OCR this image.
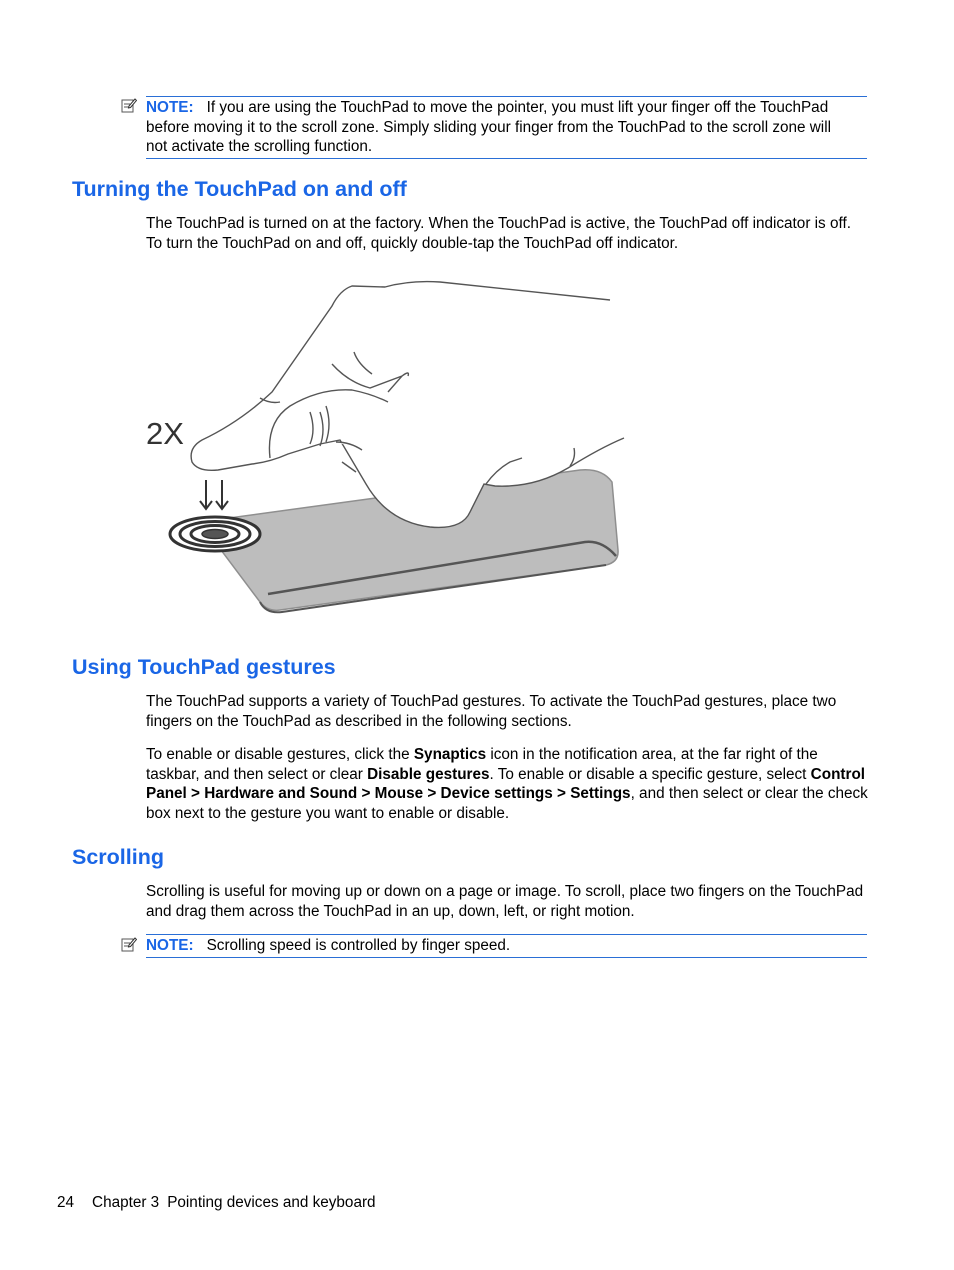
NOTE: If you are using the TouchPad to move the pointer, you must lift your finger off the TouchPad
before moving it to the scroll zone. Simply sliding your finger from the TouchPad to the scroll zone will
not activate the scrolling function.
Turning the TouchPad on and off

The TouchPad is turned on at the factory. When the TouchPad is active, the TouchPad off indicator is off. To turn the TouchPad on and off, quickly double-tap the TouchPad off indicator.

2X
Using TouchPad gestures

The TouchPad supports a variety of TouchPad gestures. To activate the TouchPad gestures, place two fingers on the TouchPad as described in the following sections.

To enable or disable gestures, click the Synaptics icon in the notification area, at the far right of the taskbar, and then select or clear Disable gestures. To enable or disable a specific gesture, select Control Panel > Hardware and Sound > Mouse > Device settings > Settings, and then select or clear the check box next to the gesture you want to enable or disable.

Scrolling

Scrolling is useful for moving up or down on a page or image. To scroll, place two fingers on the TouchPad and drag them across the TouchPad in an up, down, left, or right motion.

NOTE: Scrolling speed is controlled by finger speed.
24 Chapter 3 Pointing devices and keyboard
